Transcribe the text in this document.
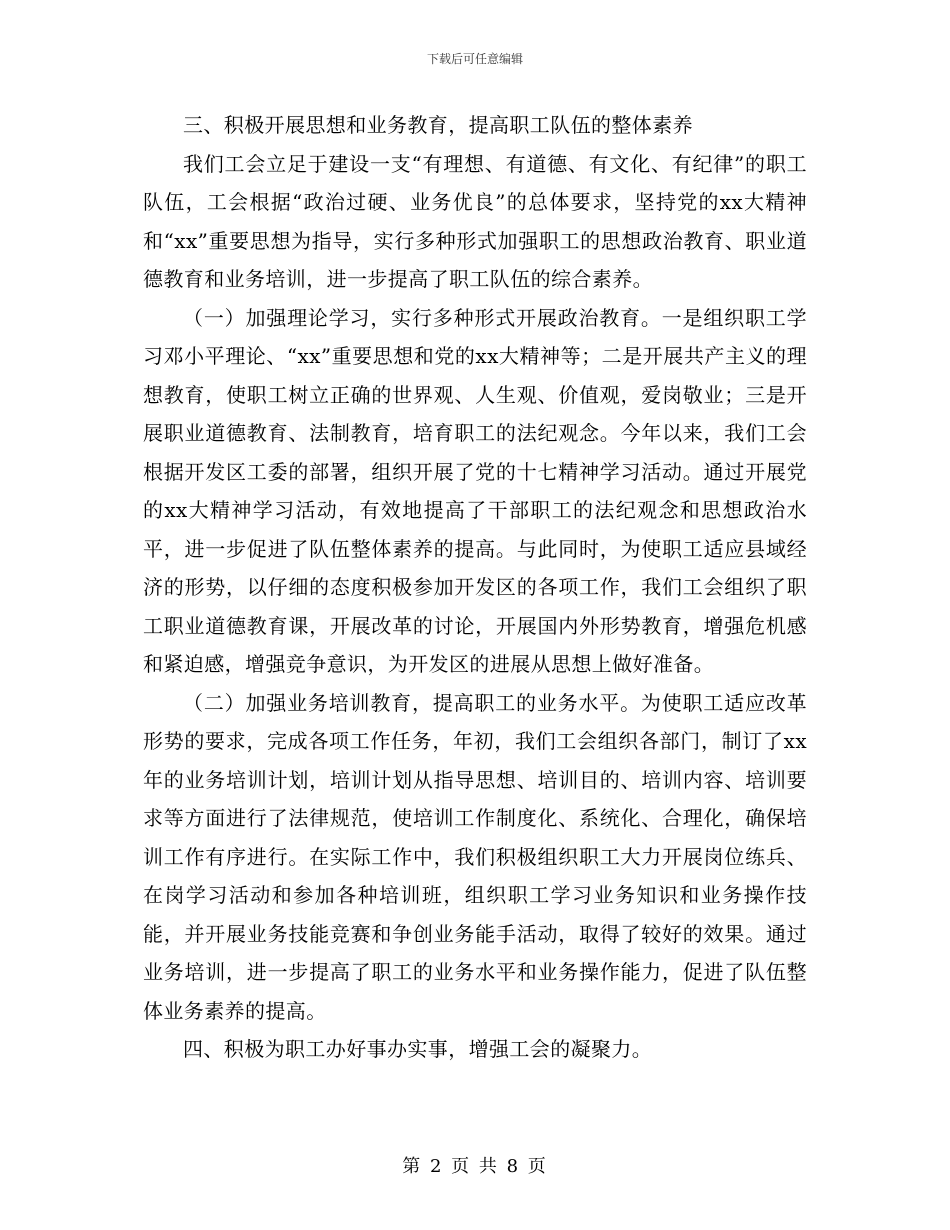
下载后可任意编辑

三、积极开展思想和业务教育，提高职工队伍的整体素养

我们工会立足于建设一支“有理想、有道德、有文化、有纪律”的职工队伍，工会根据“政治过硬、业务优良”的总体要求，坚持党的xx大精神和“xx”重要思想为指导，实行多种形式加强职工的思想政治教育、职业道德教育和业务培训，进一步提高了职工队伍的综合素养。

（一）加强理论学习，实行多种形式开展政治教育。一是组织职工学习邓小平理论、“xx”重要思想和党的xx大精神等；二是开展共产主义的理想教育，使职工树立正确的世界观、人生观、价值观，爱岗敬业；三是开展职业道德教育、法制教育，培育职工的法纪观念。今年以来，我们工会根据开发区工委的部署，组织开展了党的十七精神学习活动。通过开展党的xx大精神学习活动，有效地提高了干部职工的法纪观念和思想政治水平，进一步促进了队伍整体素养的提高。与此同时，为使职工适应县域经济的形势，以仔细的态度积极参加开发区的各项工作，我们工会组织了职工职业道德教育课，开展改革的讨论，开展国内外形势教育，增强危机感和紧迫感，增强竞争意识，为开发区的进展从思想上做好准备。

（二）加强业务培训教育，提高职工的业务水平。为使职工适应改革形势的要求，完成各项工作任务，年初，我们工会组织各部门，制订了xx年的业务培训计划，培训计划从指导思想、培训目的、培训内容、培训要求等方面进行了法律规范，使培训工作制度化、系统化、合理化，确保培训工作有序进行。在实际工作中，我们积极组织职工大力开展岗位练兵、在岗学习活动和参加各种培训班，组织职工学习业务知识和业务操作技能，并开展业务技能竞赛和争创业务能手活动，取得了较好的效果。通过业务培训，进一步提高了职工的业务水平和业务操作能力，促进了队伍整体业务素养的提高。

四、积极为职工办好事办实事，增强工会的凝聚力。

第 2 页 共 8 页
